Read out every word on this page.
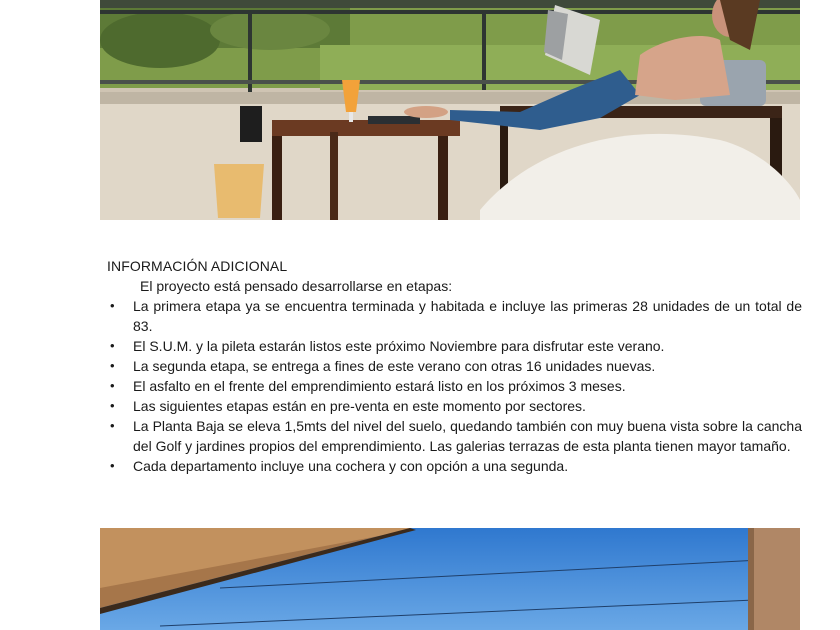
INFORMACIÓN ADICIONAL

El proyecto está pensado desarrollarse en etapas:

• La primera etapa ya se encuentra terminada y habitada e incluye las primeras 28 unidades de un total de 83.
• El S.U.M. y la pileta estarán listos este próximo Noviembre para disfrutar este verano.
• La segunda etapa, se entrega a fines de este verano con otras 16 unidades nuevas.
• El asfalto en el frente del emprendimiento estará listo en los próximos 3 meses.
• Las siguientes etapas están en pre-venta en este momento por sectores.
• La Planta Baja se eleva 1,5mts del nivel del suelo, quedando también con muy buena vista sobre la cancha del Golf y jardines propios del emprendimiento. Las galerias terrazas de esta planta tienen mayor tamaño.
• Cada departamento incluye una cochera y con opción a una segunda.
